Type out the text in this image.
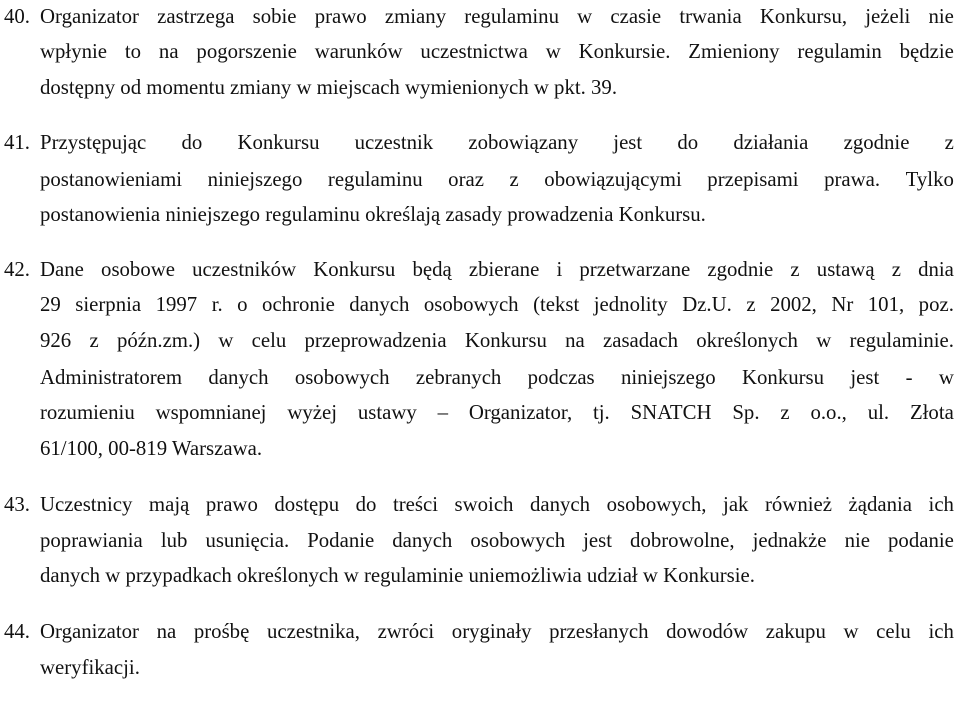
40. Organizator zastrzega sobie prawo zmiany regulaminu w czasie trwania Konkursu, jeżeli nie
wpłynie to na pogorszenie warunków uczestnictwa w Konkursie. Zmieniony regulamin będzie
dostępny od momentu zmiany w miejscach wymienionych w pkt. 39.
41. Przystępując do Konkursu uczestnik zobowiązany jest do działania zgodnie z
postanowieniami niniejszego regulaminu oraz z obowiązującymi przepisami prawa. Tylko
postanowienia niniejszego regulaminu określają zasady prowadzenia Konkursu.
42. Dane osobowe uczestników Konkursu będą zbierane i przetwarzane zgodnie z ustawą z dnia
29 sierpnia 1997 r. o ochronie danych osobowych (tekst jednolity Dz.U. z 2002, Nr 101, poz.
926 z późn.zm.) w celu przeprowadzenia Konkursu na zasadach określonych w regulaminie.
Administratorem danych osobowych zebranych podczas niniejszego Konkursu jest - w
rozumieniu wspomnianej wyżej ustawy – Organizator, tj. SNATCH Sp. z o.o., ul. Złota
61/100, 00-819 Warszawa.
43. Uczestnicy mają prawo dostępu do treści swoich danych osobowych, jak również żądania ich
poprawiania lub usunięcia. Podanie danych osobowych jest dobrowolne, jednakże nie podanie
danych w przypadkach określonych w regulaminie uniemożliwia udział w Konkursie.
44. Organizator na prośbę uczestnika, zwróci oryginały przesłanych dowodów zakupu w celu ich
weryfikacji.
